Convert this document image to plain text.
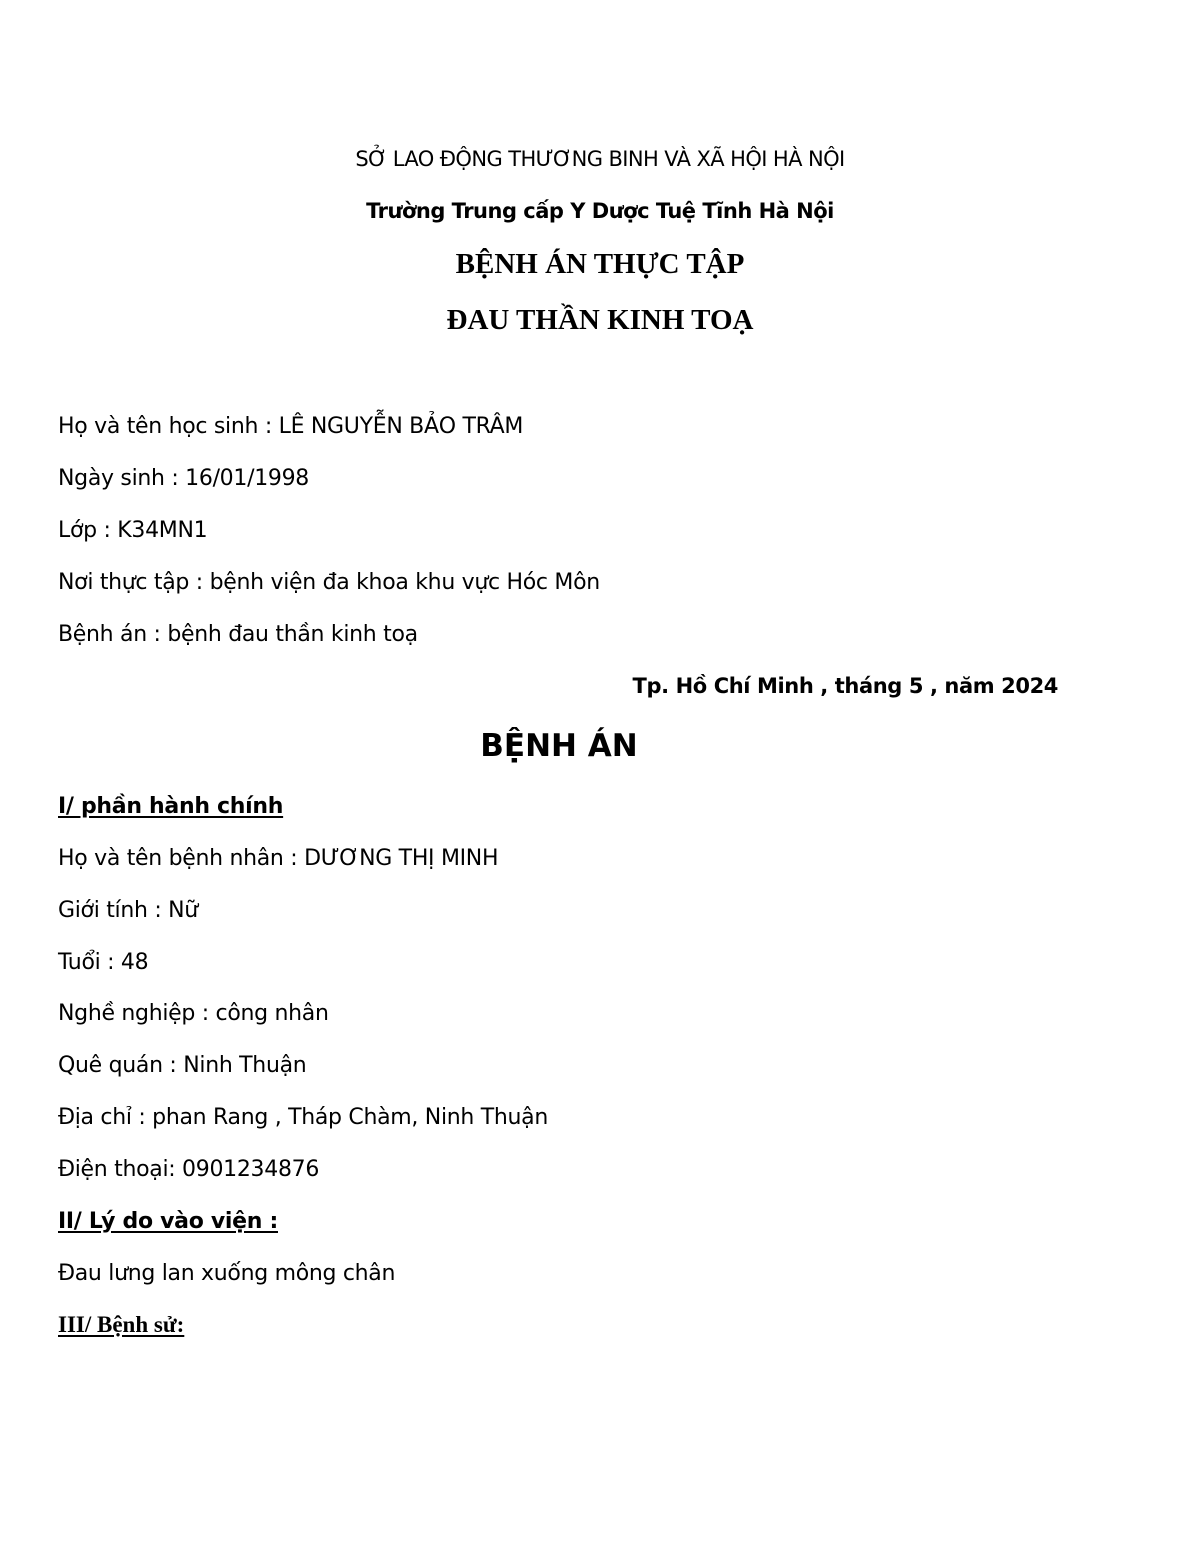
SỞ LAO ĐỘNG THƯƠNG BINH VÀ XÃ HỘI HÀ NỘI
Trường Trung cấp Y Dược Tuệ Tĩnh Hà Nội
BỆNH ÁN THỰC TẬP
ĐAU THẦN KINH TOẠ
Họ và tên học sinh : LÊ NGUYỄN BẢO TRÂM
Ngày sinh : 16/01/1998
Lớp : K34MN1
Nơi thực tập : bệnh viện đa khoa khu vực Hóc Môn
Bệnh án : bệnh đau thần kinh toạ
Tp. Hồ Chí Minh , tháng 5 , năm 2024
BỆNH ÁN
I/ phần hành chính
Họ và tên bệnh nhân : DƯƠNG THỊ MINH
Giới tính : Nữ
Tuổi : 48
Nghề nghiệp : công nhân
Quê quán : Ninh Thuận
Địa chỉ : phan Rang , Tháp Chàm, Ninh Thuận
Điện thoại: 0901234876
II/ Lý do vào viện :
Đau lưng lan xuống mông chân
III/ Bệnh sử:
